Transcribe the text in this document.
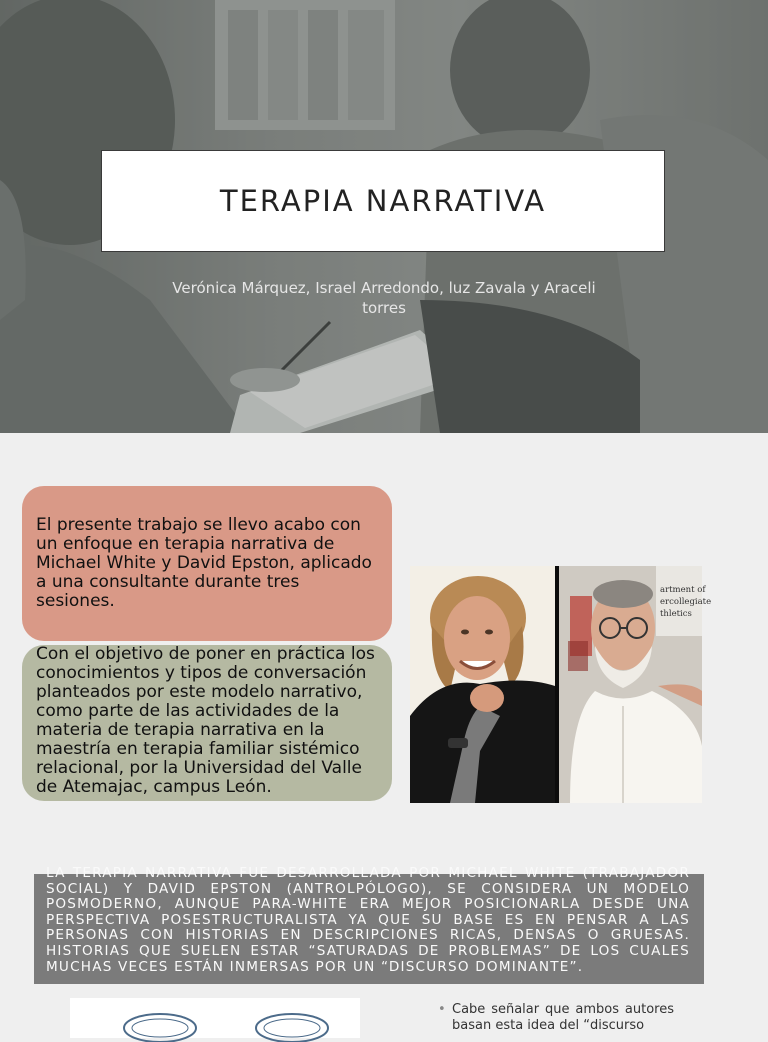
TERAPIA NARRATIVA
Verónica Márquez, Israel Arredondo, luz Zavala y Araceli torres

El presente trabajo se llevo acabo con un enfoque en terapia narrativa de Michael White y David Epston, aplicado a una consultante durante tres sesiones.

Con el objetivo de poner en práctica los conocimientos y tipos de conversación planteados por este modelo narrativo, como parte de las actividades de la materia de terapia narrativa en la maestría en terapia familiar sistémico relacional, por la Universidad del Valle de Atemajac, campus León.

artment of
ercollegiate
thletics

LA TERAPIA NARRATIVA FUE DESARROLLADA POR MICHAEL WHITE (TRABAJADOR SOCIAL) Y DAVID EPSTON (ANTROLPÓLOGO), SE CONSIDERA UN MODELO POSMODERNO, AUNQUE PARA-WHITE ERA MEJOR POSICIONARLA DESDE UNA PERSPECTIVA POSESTRUCTURALISTA YA QUE SU BASE ES EN PENSAR A LAS PERSONAS CON HISTORIAS EN DESCRIPCIONES RICAS, DENSAS O GRUESAS. HISTORIAS QUE SUELEN ESTAR “SATURADAS DE PROBLEMAS” DE LOS CUALES MUCHAS VECES ESTÁN INMERSAS POR UN “DISCURSO DOMINANTE”.

• Cabe señalar que ambos autores basan esta idea del “discurso
